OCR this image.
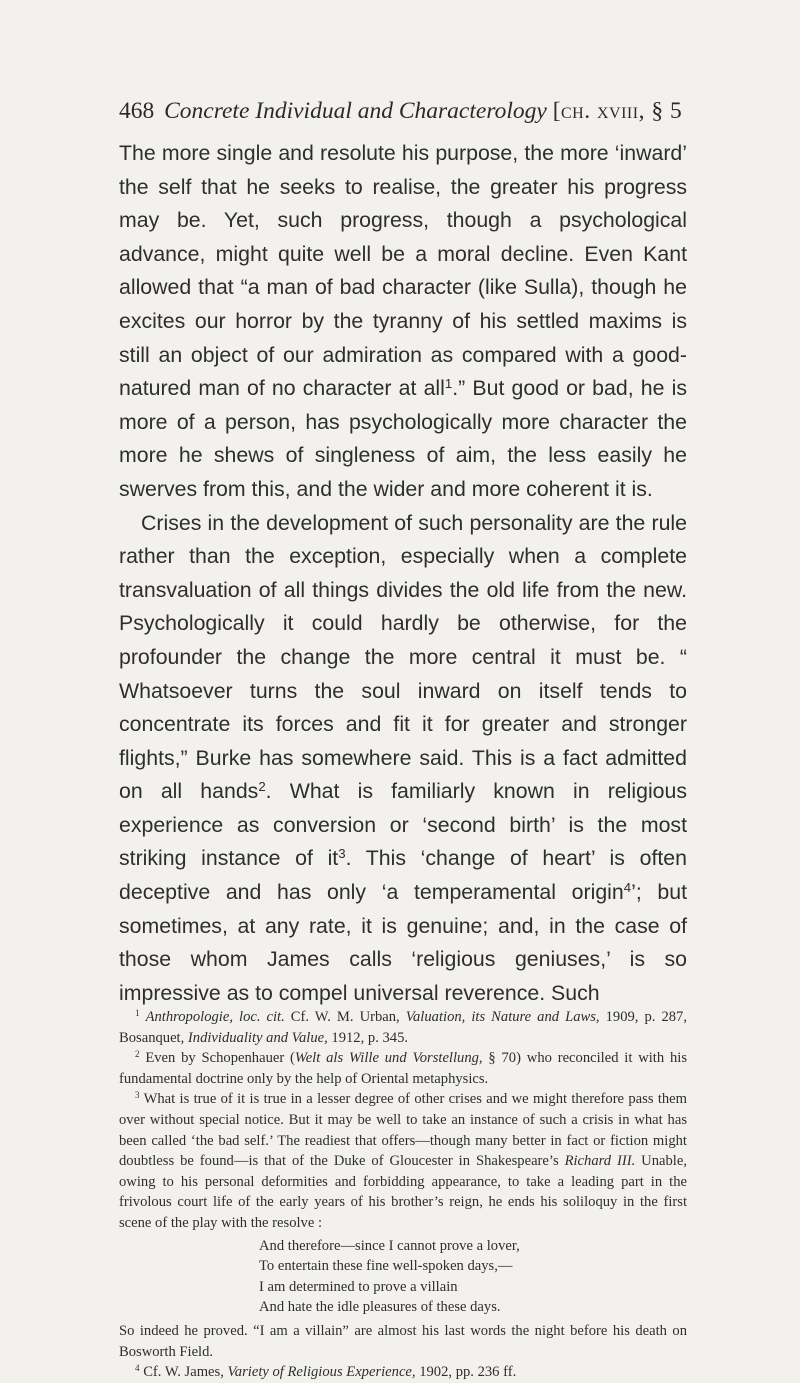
468 Concrete Individual and Characterology [ch. xviii, § 5

The more single and resolute his purpose, the more ‘inward’ the self that he seeks to realise, the greater his progress may be. Yet, such progress, though a psychological advance, might quite well be a moral decline. Even Kant allowed that “a man of bad character (like Sulla), though he excites our horror by the tyranny of his settled maxims is still an object of our admiration as compared with a good-natured man of no character at all$^1$.” But good or bad, he is more of a person, has psychologically more character the more he shews of singleness of aim, the less easily he swerves from this, and the wider and more coherent it is.

Crises in the development of such personality are the rule rather than the exception, especially when a complete transvaluation of all things divides the old life from the new. Psychologically it could hardly be otherwise, for the profounder the change the more central it must be. “ Whatsoever turns the soul inward on itself tends to concentrate its forces and fit it for greater and stronger flights,” Burke has somewhere said. This is a fact admitted on all hands$^2$. What is familiarly known in religious experience as conversion or ‘second birth’ is the most striking instance of $it^3$. This ‘change of heart’ is often deceptive and has only ‘a temperamental origin$^4$’; but sometimes, at any rate, it is genuine; and, in the case of those whom James calls ‘religious geniuses,’ is so impressive as to compel universal reverence. Such

$^1$ Anthropologie, loc. cit. Cf. W. M. Urban, Valuation, its Nature and Laws, 1909, p. 287, Bosanquet, Individuality and Value, 1912, p. 345.

$^2$ Even by Schopenhauer (Welt als Wille und Vorstellung, § 70) who reconciled it with his fundamental doctrine only by the help of Oriental metaphysics.

$^3$ What is true of it is true in a lesser degree of other crises and we might therefore pass them over without special notice. But it may be well to take an instance of such a crisis in what has been called ‘the bad self.’ The readiest that offers—though many better in fact or fiction might doubtless be found—is that of the Duke of Gloucester in Shakespeare’s Richard III. Unable, owing to his personal deformities and forbidding appearance, to take a leading part in the frivolous court life of the early years of his brother’s reign, he ends his soliloquy in the first scene of the play with the resolve :

And therefore—since I cannot prove a lover,
To entertain these fine well-spoken days,—
I am determined to prove a villain
And hate the idle pleasures of these days.

So indeed he proved. “I am a villain” are almost his last words the night before his death on Bosworth Field.

$^4$ Cf. W. James, Variety of Religious Experience, 1902, pp. 236 ff.
